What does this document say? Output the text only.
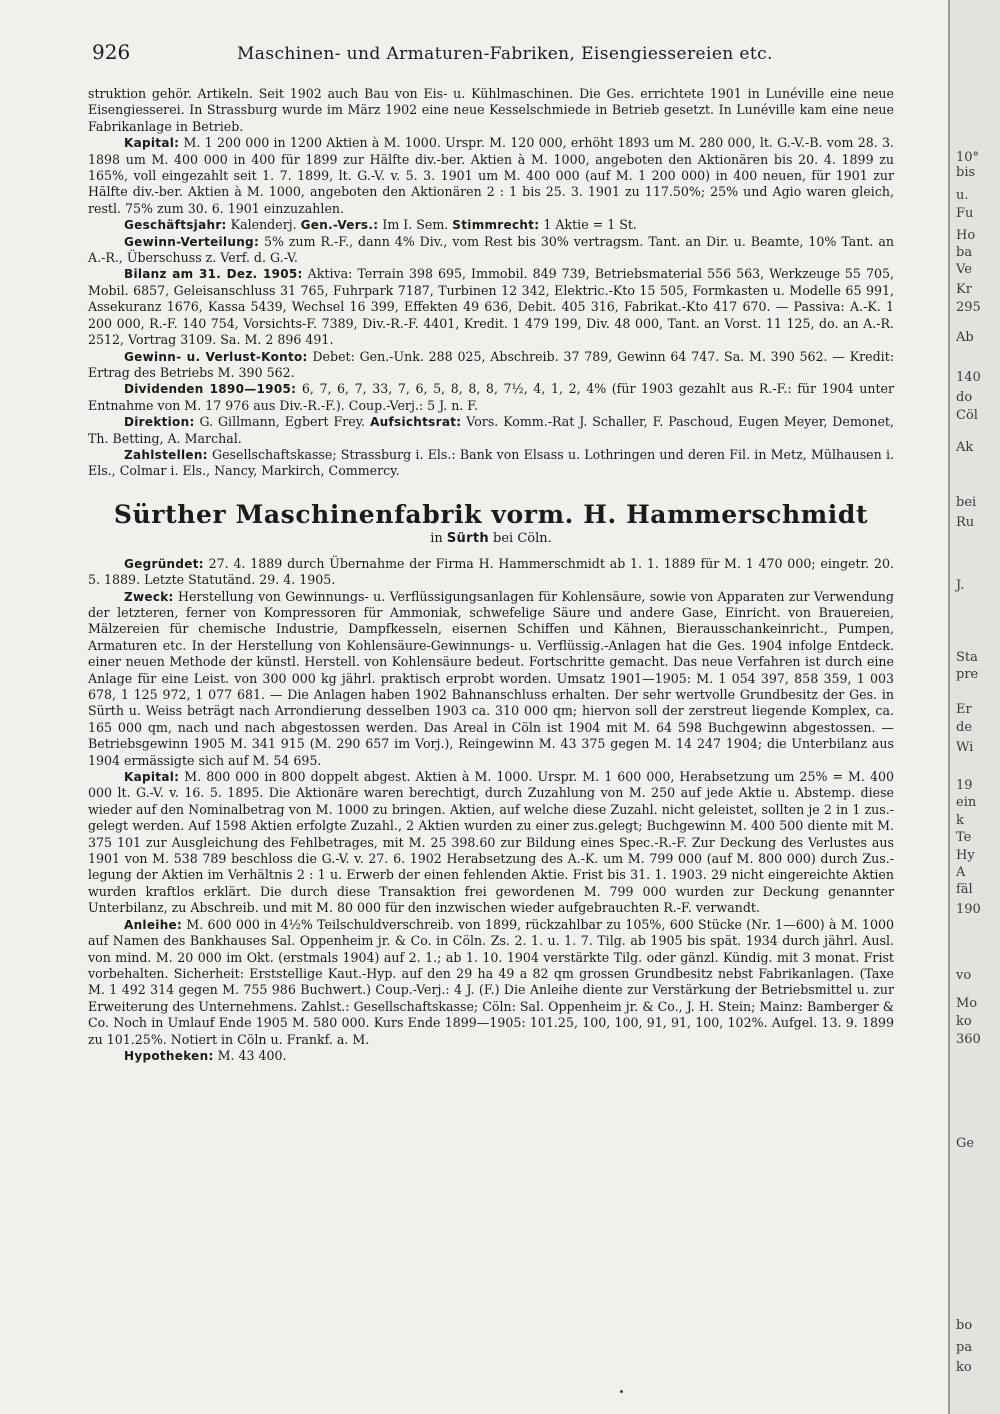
926	Maschinen- und Armaturen-Fabriken, Eisengiessereien etc.

struktion gehör. Artikeln. Seit 1902 auch Bau von Eis- u. Kühlmaschinen. Die Ges. errichtete 1901 in Lunéville eine neue Eisengiesserei. In Strassburg wurde im März 1902 eine neue Kesselschmiede in Betrieb gesetzt. In Lunéville kam eine neue Fabrikanlage in Betrieb.

Kapital: M. 1 200 000 in 1200 Aktien à M. 1000. Urspr. M. 120 000, erhöht 1893 um M. 280 000, lt. G.-V.-B. vom 28. 3. 1898 um M. 400 000 in 400 für 1899 zur Hälfte div.-ber. Aktien à M. 1000, angeboten den Aktionären bis 20. 4. 1899 zu 165%, voll eingezahlt seit 1. 7. 1899, lt. G.-V. v. 5. 3. 1901 um M. 400 000 (auf M. 1 200 000) in 400 neuen, für 1901 zur Hälfte div.-ber. Aktien à M. 1000, angeboten den Aktionären 2 : 1 bis 25. 3. 1901 zu 117.50%; 25% und Agio waren gleich, restl. 75% zum 30. 6. 1901 einzuzahlen.

Geschäftsjahr: Kalenderj. Gen.-Vers.: Im I. Sem. Stimmrecht: 1 Aktie = 1 St.

Gewinn-Verteilung: 5% zum R.-F., dann 4% Div., vom Rest bis 30% vertragsm. Tant. an Dir. u. Beamte, 10% Tant. an A.-R., Überschuss z. Verf. d. G.-V.

Bilanz am 31. Dez. 1905: Aktiva: Terrain 398 695, Immobil. 849 739, Betriebsmaterial 556 563, Werkzeuge 55 705, Mobil. 6857, Geleisanschluss 31 765, Fuhrpark 7187, Turbinen 12 342, Elektric.-Kto 15 505, Formkasten u. Modelle 65 991, Assekuranz 1676, Kassa 5439, Wechsel 16 399, Effekten 49 636, Debit. 405 316, Fabrikat.-Kto 417 670. — Passiva: A.-K. 1 200 000, R.-F. 140 754, Vorsichts-F. 7389, Div.-R.-F. 4401, Kredit. 1 479 199, Div. 48 000, Tant. an Vorst. 11 125, do. an A.-R. 2512, Vortrag 3109. Sa. M. 2 896 491.

Gewinn- u. Verlust-Konto: Debet: Gen.-Unk. 288 025, Abschreib. 37 789, Gewinn 64 747. Sa. M. 390 562. — Kredit: Ertrag des Betriebs M. 390 562.

Dividenden 1890—1905: 6, 7, 6, 7, 33, 7, 6, 5, 8, 8, 8, 7½, 4, 1, 2, 4% (für 1903 gezahlt aus R.-F.: für 1904 unter Entnahme von M. 17 976 aus Div.-R.-F.). Coup.-Verj.: 5 J. n. F.

Direktion: G. Gillmann, Egbert Frey. Aufsichtsrat: Vors. Komm.-Rat J. Schaller, F. Paschoud, Eugen Meyer, Demonet, Th. Betting, A. Marchal.

Zahlstellen: Gesellschaftskasse; Strassburg i. Els.: Bank von Elsass u. Lothringen und deren Fil. in Metz, Mülhausen i. Els., Colmar i. Els., Nancy, Markirch, Commercy.

Sürther Maschinenfabrik vorm. H. Hammerschmidt

in Sürth bei Cöln.

Gegründet: 27. 4. 1889 durch Übernahme der Firma H. Hammerschmidt ab 1. 1. 1889 für M. 1 470 000; eingetr. 20. 5. 1889. Letzte Statutänd. 29. 4. 1905.

Zweck: Herstellung von Gewinnungs- u. Verflüssigungsanlagen für Kohlensäure, sowie von Apparaten zur Verwendung der letzteren, ferner von Kompressoren für Ammoniak, schwefelige Säure und andere Gase, Einricht. von Brauereien, Mälzereien für chemische Industrie, Dampfkesseln, eisernen Schiffen und Kähnen, Bierausschankeinricht., Pumpen, Armaturen etc. In der Herstellung von Kohlensäure-Gewinnungs- u. Verflüssig.-Anlagen hat die Ges. 1904 infolge Entdeck. einer neuen Methode der künstl. Herstell. von Kohlensäure bedeut. Fortschritte gemacht. Das neue Verfahren ist durch eine Anlage für eine Leist. von 300 000 kg jährl. praktisch erprobt worden. Umsatz 1901—1905: M. 1 054 397, 858 359, 1 003 678, 1 125 972, 1 077 681. — Die Anlagen haben 1902 Bahnanschluss erhalten. Der sehr wertvolle Grundbesitz der Ges. in Sürth u. Weiss beträgt nach Arrondierung desselben 1903 ca. 310 000 qm; hiervon soll der zerstreut liegende Komplex, ca. 165 000 qm, nach und nach abgestossen werden. Das Areal in Cöln ist 1904 mit M. 64 598 Buchgewinn abgestossen. — Betriebsgewinn 1905 M. 341 915 (M. 290 657 im Vorj.), Reingewinn M. 43 375 gegen M. 14 247 1904; die Unterbilanz aus 1904 ermässigte sich auf M. 54 695.

Kapital: M. 800 000 in 800 doppelt abgest. Aktien à M. 1000. Urspr. M. 1 600 000, Herabsetzung um 25% = M. 400 000 lt. G.-V. v. 16. 5. 1895. Die Aktionäre waren berechtigt, durch Zuzahlung von M. 250 auf jede Aktie u. Abstemp. diese wieder auf den Nominalbetrag von M. 1000 zu bringen. Aktien, auf welche diese Zuzahl. nicht geleistet, sollten je 2 in 1 zus.-gelegt werden. Auf 1598 Aktien erfolgte Zuzahl., 2 Aktien wurden zu einer zus.gelegt; Buchgewinn M. 400 500 diente mit M. 375 101 zur Ausgleichung des Fehlbetrages, mit M. 25 398.60 zur Bildung eines Spec.-R.-F. Zur Deckung des Verlustes aus 1901 von M. 538 789 beschloss die G.-V. v. 27. 6. 1902 Herabsetzung des A.-K. um M. 799 000 (auf M. 800 000) durch Zus.-legung der Aktien im Verhältnis 2 : 1 u. Erwerb der einen fehlenden Aktie. Frist bis 31. 1. 1903. 29 nicht eingereichte Aktien wurden kraftlos erklärt. Die durch diese Transaktion frei gewordenen M. 799 000 wurden zur Deckung genannter Unterbilanz, zu Abschreib. und mit M. 80 000 für den inzwischen wieder aufgebrauchten R.-F. verwandt.

Anleihe: M. 600 000 in 4½% Teilschuldverschreib. von 1899, rückzahlbar zu 105%, 600 Stücke (Nr. 1—600) à M. 1000 auf Namen des Bankhauses Sal. Oppenheim jr. & Co. in Cöln. Zs. 2. 1. u. 1. 7. Tilg. ab 1905 bis spät. 1934 durch jährl. Ausl. von mind. M. 20 000 im Okt. (erstmals 1904) auf 2. 1.; ab 1. 10. 1904 verstärkte Tilg. oder gänzl. Kündig. mit 3 monat. Frist vorbehalten. Sicherheit: Erststellige Kaut.-Hyp. auf den 29 ha 49 a 82 qm grossen Grundbesitz nebst Fabrikanlagen. (Taxe M. 1 492 314 gegen M. 755 986 Buchwert.) Coup.-Verj.: 4 J. (F.) Die Anleihe diente zur Verstärkung der Betriebsmittel u. zur Erweiterung des Unternehmens. Zahlst.: Gesellschaftskasse; Cöln: Sal. Oppenheim jr. & Co., J. H. Stein; Mainz: Bamberger & Co. Noch in Umlauf Ende 1905 M. 580 000. Kurs Ende 1899—1905: 101.25, 100, 100, 91, 91, 100, 102%. Aufgel. 13. 9. 1899 zu 101.25%. Notiert in Cöln u. Frankf. a. M.

Hypotheken: M. 43 400.

10°
bis
u.
Fu
Ho
ba
Ve
Kr
295
Ab
140
do
Cöl
Ak
bei
Ru
J.
Sta
pre
Er
de
Wi
19
ein
k
Te
Hy
A
fäl
190
vo
Mo
ko
360
Ge
bo
pa
ko
